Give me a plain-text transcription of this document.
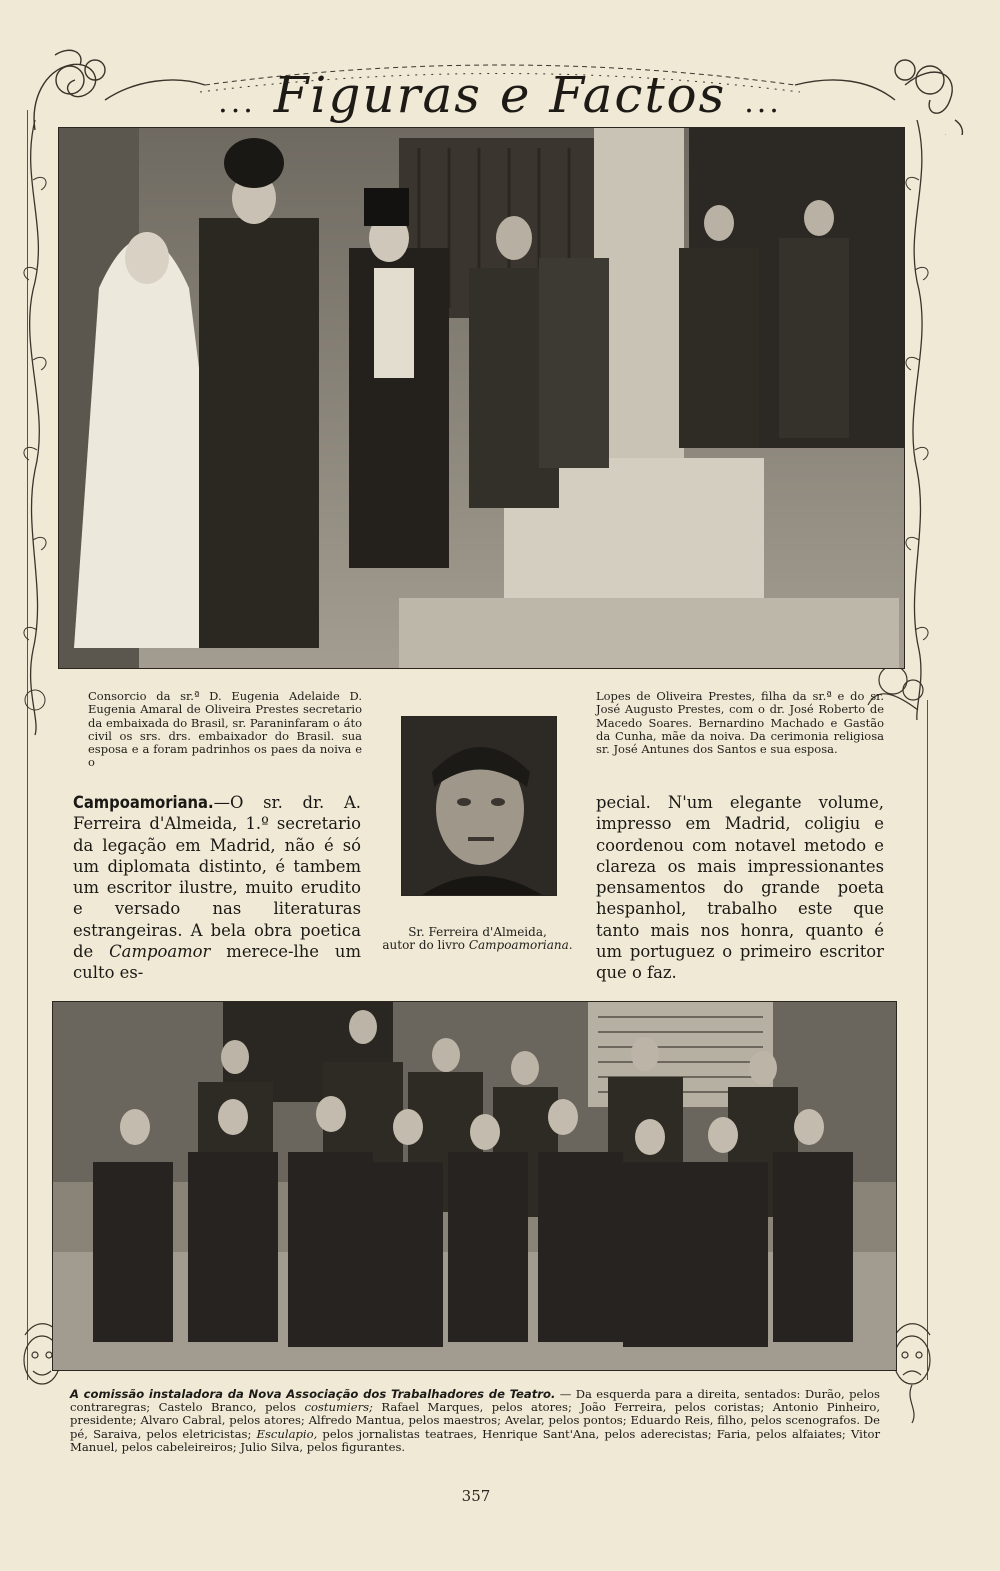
... Figuras e Factos ...
Consorcio da sr.ª D. Eugenia Adelaide D. Eugenia Amaral de Oliveira Prestes secretario da embaixada do Brasil, sr. Paraninfaram o áto civil os srs. drs. embaixador do Brasil. sua esposa e a foram padrinhos os paes da noiva e o
Lopes de Oliveira Prestes, filha da sr.ª e do sr. José Augusto Prestes, com o dr. José Roberto de Macedo Soares. Bernardino Machado e Gastão da Cunha, mãe da noiva. Da cerimonia religiosa sr. José Antunes dos Santos e sua esposa.
Campoamoriana.—O sr. dr. A. Ferreira d'Almeida, 1.º secretario da legação em Madrid, não é só um diplomata distinto, é tambem um escritor ilustre, muito erudito e versado nas literaturas estrangeiras. A bela obra poetica de Campoamor merece-lhe um culto es-
pecial. N'um elegante volume, impresso em Madrid, coligiu e coordenou com notavel metodo e clareza os mais impressionantes pensamentos do grande poeta hespanhol, trabalho este que tanto mais nos honra, quanto é um portuguez o primeiro escritor que o faz.
Sr. Ferreira d'Almeida,
autor do livro Campoamoriana.
A comissão instaladora da Nova Associação dos Trabalhadores de Teatro. — Da esquerda para a direita, sentados: Durão, pelos contraregras; Castelo Branco, pelos costumiers; Rafael Marques, pelos atores; João Ferreira, pelos coristas; Antonio Pinheiro, presidente; Alvaro Cabral, pelos atores; Alfredo Mantua, pelos maestros; Avelar, pelos pontos; Eduardo Reis, filho, pelos scenografos. De pé, Saraiva, pelos eletricistas; Esculapio, pelos jornalistas teatraes, Henrique Sant'Ana, pelos aderecistas; Faria, pelos alfaiates; Vitor Manuel, pelos cabeleireiros; Julio Silva, pelos figurantes.
357
